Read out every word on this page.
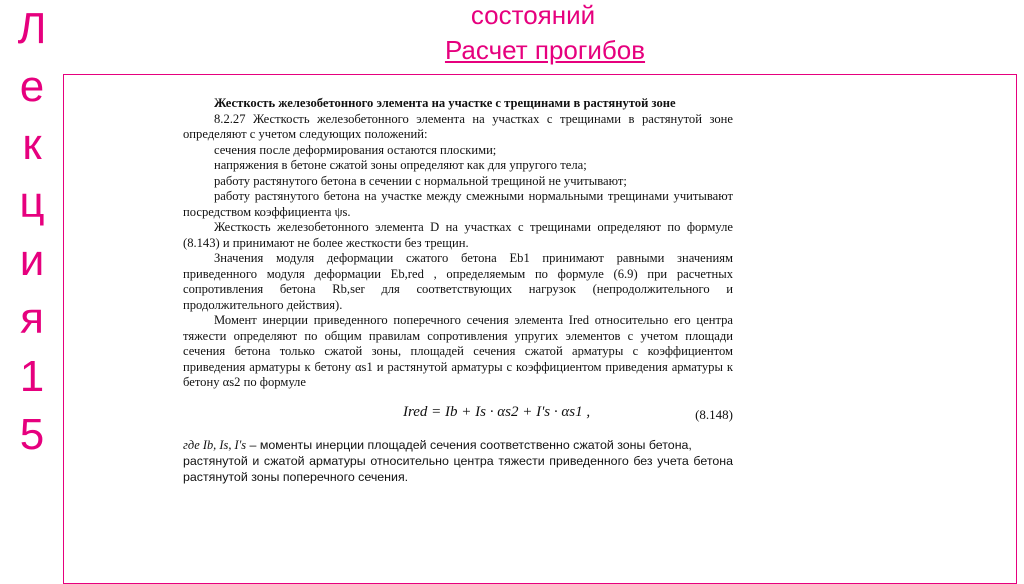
Л
е
к
ц
и
я
1
5
состояний
Расчет прогибов

Жесткость железобетонного элемента на участке с трещинами в растянутой зоне

8.2.27 Жесткость железобетонного элемента на участках с трещинами в растянутой зоне определяют с учетом следующих положений:

сечения после деформирования остаются плоскими;

напряжения в бетоне сжатой зоны определяют как для упругого тела;

работу растянутого бетона в сечении с нормальной трещиной не учитывают;

работу растянутого бетона на участке между смежными нормальными трещинами учитывают посредством коэффициента ψs.

Жесткость железобетонного элемента D на участках с трещинами определяют по формуле (8.143) и принимают не более жесткости без трещин.

Значения модуля деформации сжатого бетона Eb1 принимают равными значениям приведенного модуля деформации Eb,red , определяемым по формуле (6.9) при расчетных сопротивления бетона Rb,ser для соответствующих нагрузок (непродолжительного и продолжительного действия).

Момент инерции приведенного поперечного сечения элемента Ired относительно его центра тяжести определяют по общим правилам сопротивления упругих элементов с учетом площади сечения бетона только сжатой зоны, площадей сечения сжатой арматуры с коэффициентом приведения арматуры к бетону αs1 и растянутой арматуры с коэффициентом приведения арматуры к бетону αs2 по формуле

Ired = Ib + Is · αs2 + I's · αs1 ,	(8.148)

где Ib, Is, I's – моменты инерции площадей сечения соответственно сжатой зоны бетона,

растянутой и сжатой арматуры относительно центра тяжести приведенного без учета бетона растянутой зоны поперечного сечения.
